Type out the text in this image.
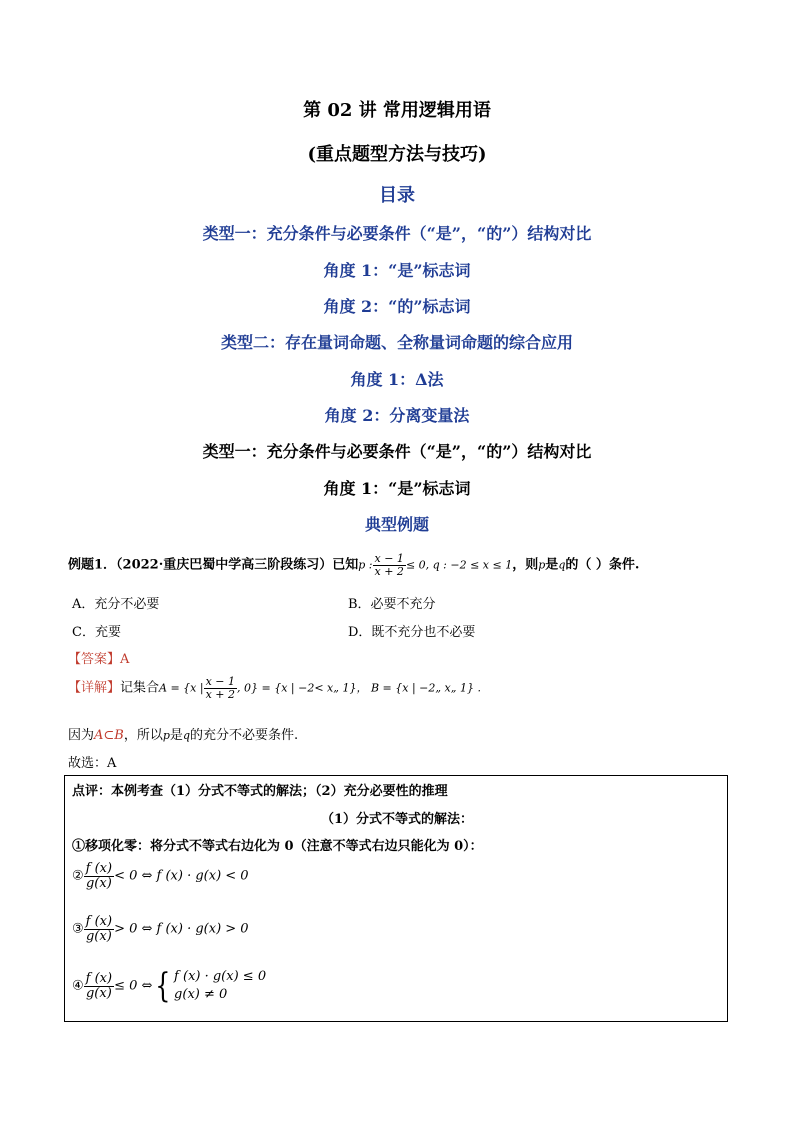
第 02 讲 常用逻辑用语
(重点题型方法与技巧)
目录
类型一：充分条件与必要条件（“是”，“的”）结构对比
角度 1：“是”标志词
角度 2：“的”标志词
类型二：存在量词命题、全称量词命题的综合应用
角度 1：Δ法
角度 2：分离变量法
类型一：充分条件与必要条件（“是”，“的”）结构对比
角度 1：“是”标志词
典型例题
例题1．（2022·重庆巴蜀中学高三阶段练习）已知p : $\frac{x - 1}{x + 2} \le 0$, q : −2 ≤ x ≤ 1，则p是q的（ ）条件.
A．充分不必要	B．必要不充分
C．充要	D．既不充分也不必要
【答案】A
【详解】记集合A = {x | $\frac{x - 1}{x + 2}$ , 0} = {x | −2< x„ 1}， B = {x | −2„ x„ 1} .
因为A⊂B，所以p是q的充分不必要条件.
故选：A
点评：本例考查（1）分式不等式的解法；（2）充分必要性的推理
（1）分式不等式的解法：
①移项化零：将分式不等式右边化为 0（注意不等式右边只能化为 0）：
② $\frac{f (x)}{g(x)} < 0$ ⇔ f (x) · g(x) < 0
③ $\frac{f (x)}{g(x)} > 0$ ⇔ f (x) · g(x) > 0
④ $\frac{f (x)}{g(x)} \le 0$ ⇔{ f (x) · g(x) ≤ 0
g(x) ≠ 0
